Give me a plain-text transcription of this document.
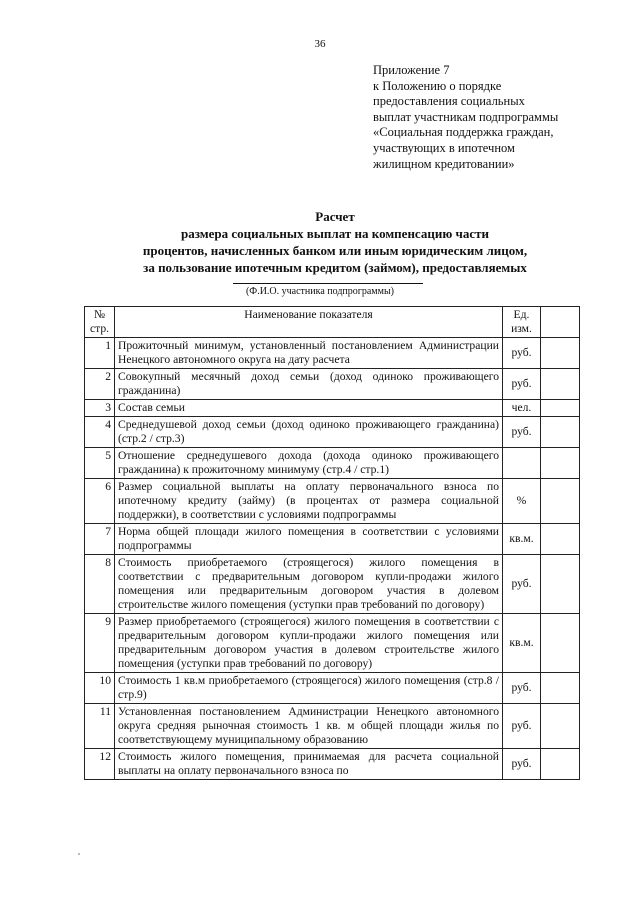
36
Приложение 7
к Положению о порядке
предоставления социальных
выплат участникам подпрограммы
«Социальная поддержка граждан,
участвующих в ипотечном
жилищном кредитовании»
Расчет
размера социальных выплат на компенсацию части
процентов, начисленных банком или иным юридическим лицом,
за пользование ипотечным кредитом (займом), предоставляемых
(Ф.И.О. участника подпрограммы)
№ стр.	Наименование показателя	Ед. изм.	
1	Прожиточный минимум, установленный постановлением Администрации Ненецкого автономного округа на дату расчета	руб.	
2	Совокупный месячный доход семьи (доход одиноко проживающего гражданина)	руб.	
3	Состав семьи	чел.	
4	Среднедушевой доход семьи (доход одиноко проживающего гражданина) (стр.2 / стр.3)	руб.	
5	Отношение среднедушевого дохода (дохода одиноко проживающего гражданина) к прожиточному минимуму (стр.4 / стр.1)		
6	Размер социальной выплаты на оплату первоначального взноса по ипотечному кредиту (займу) (в процентах от размера социальной поддержки), в соответствии с условиями подпрограммы	%	
7	Норма общей площади жилого помещения в соответствии с условиями подпрограммы	кв.м.	
8	Стоимость приобретаемого (строящегося) жилого помещения в соответствии с предварительным договором купли-продажи жилого помещения или предварительным договором участия в долевом строительстве жилого помещения (уступки прав требований по договору)	руб.	
9	Размер приобретаемого (строящегося) жилого помещения в соответствии с предварительным договором купли-продажи жилого помещения или предварительным договором участия в долевом строительстве жилого помещения (уступки прав требований по договору)	кв.м.	
10	Стоимость 1 кв.м приобретаемого (строящегося) жилого помещения (стр.8 / стр.9)	руб.	
11	Установленная постановлением Администрации Ненецкого автономного округа средняя рыночная стоимость 1 кв. м общей площади жилья по соответствующему муниципальному образованию	руб.	
12	Стоимость жилого помещения, принимаемая для расчета социальной выплаты на оплату первоначального взноса по	руб.	
